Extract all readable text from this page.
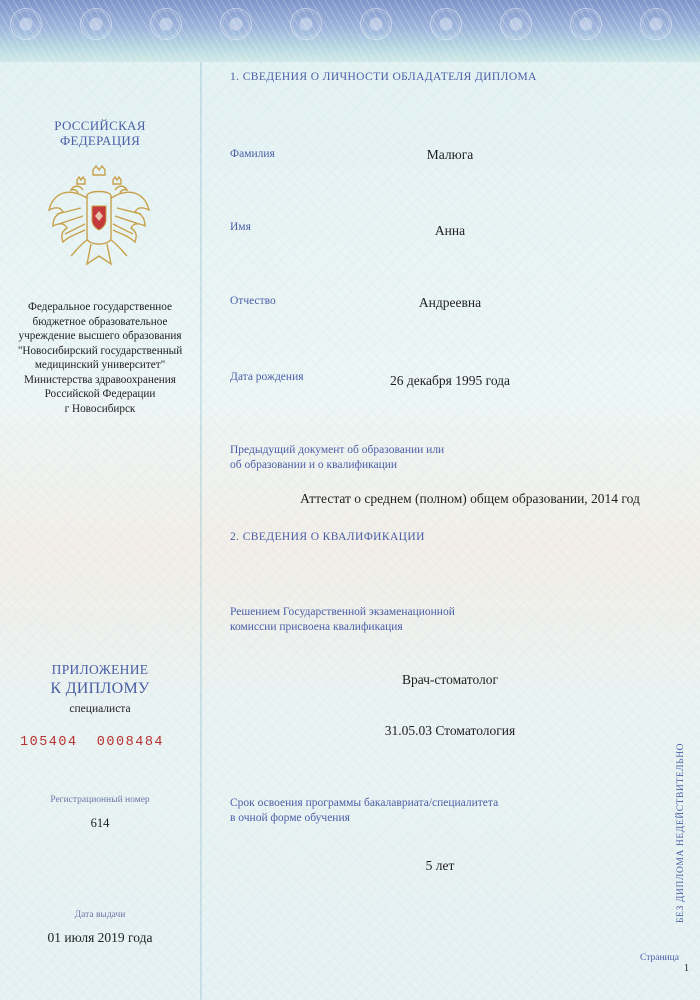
РОССИЙСКАЯ
ФЕДЕРАЦИЯ
Федеральное государственное
бюджетное образовательное
учреждение высшего образования
"Новосибирский государственный
медицинский университет"
Министерства здравоохранения
Российской Федерации
г Новосибирск
ПРИЛОЖЕНИЕ
К ДИПЛОМУ
специалиста
105404  0008484
Регистрационный номер
614
Дата выдачи
01 июля 2019 года
1. СВЕДЕНИЯ О ЛИЧНОСТИ ОБЛАДАТЕЛЯ ДИПЛОМА
Фамилия	Малюга
Имя	Анна
Отчество	Андреевна
Дата рождения	26 декабря 1995 года
Предыдущий документ об образовании или
об образовании и о квалификации
Аттестат о среднем (полном) общем образовании, 2014 год
2. СВЕДЕНИЯ О КВАЛИФИКАЦИИ
Решением Государственной экзаменационной
комиссии присвоена квалификация
Врач-стоматолог
31.05.03 Стоматология
Срок освоения программы бакалавриата/специалитета
в очной форме обучения
5 лет	БЕЗ ДИПЛОМА НЕДЕЙСТВИТЕЛЬНО
Страница
1
